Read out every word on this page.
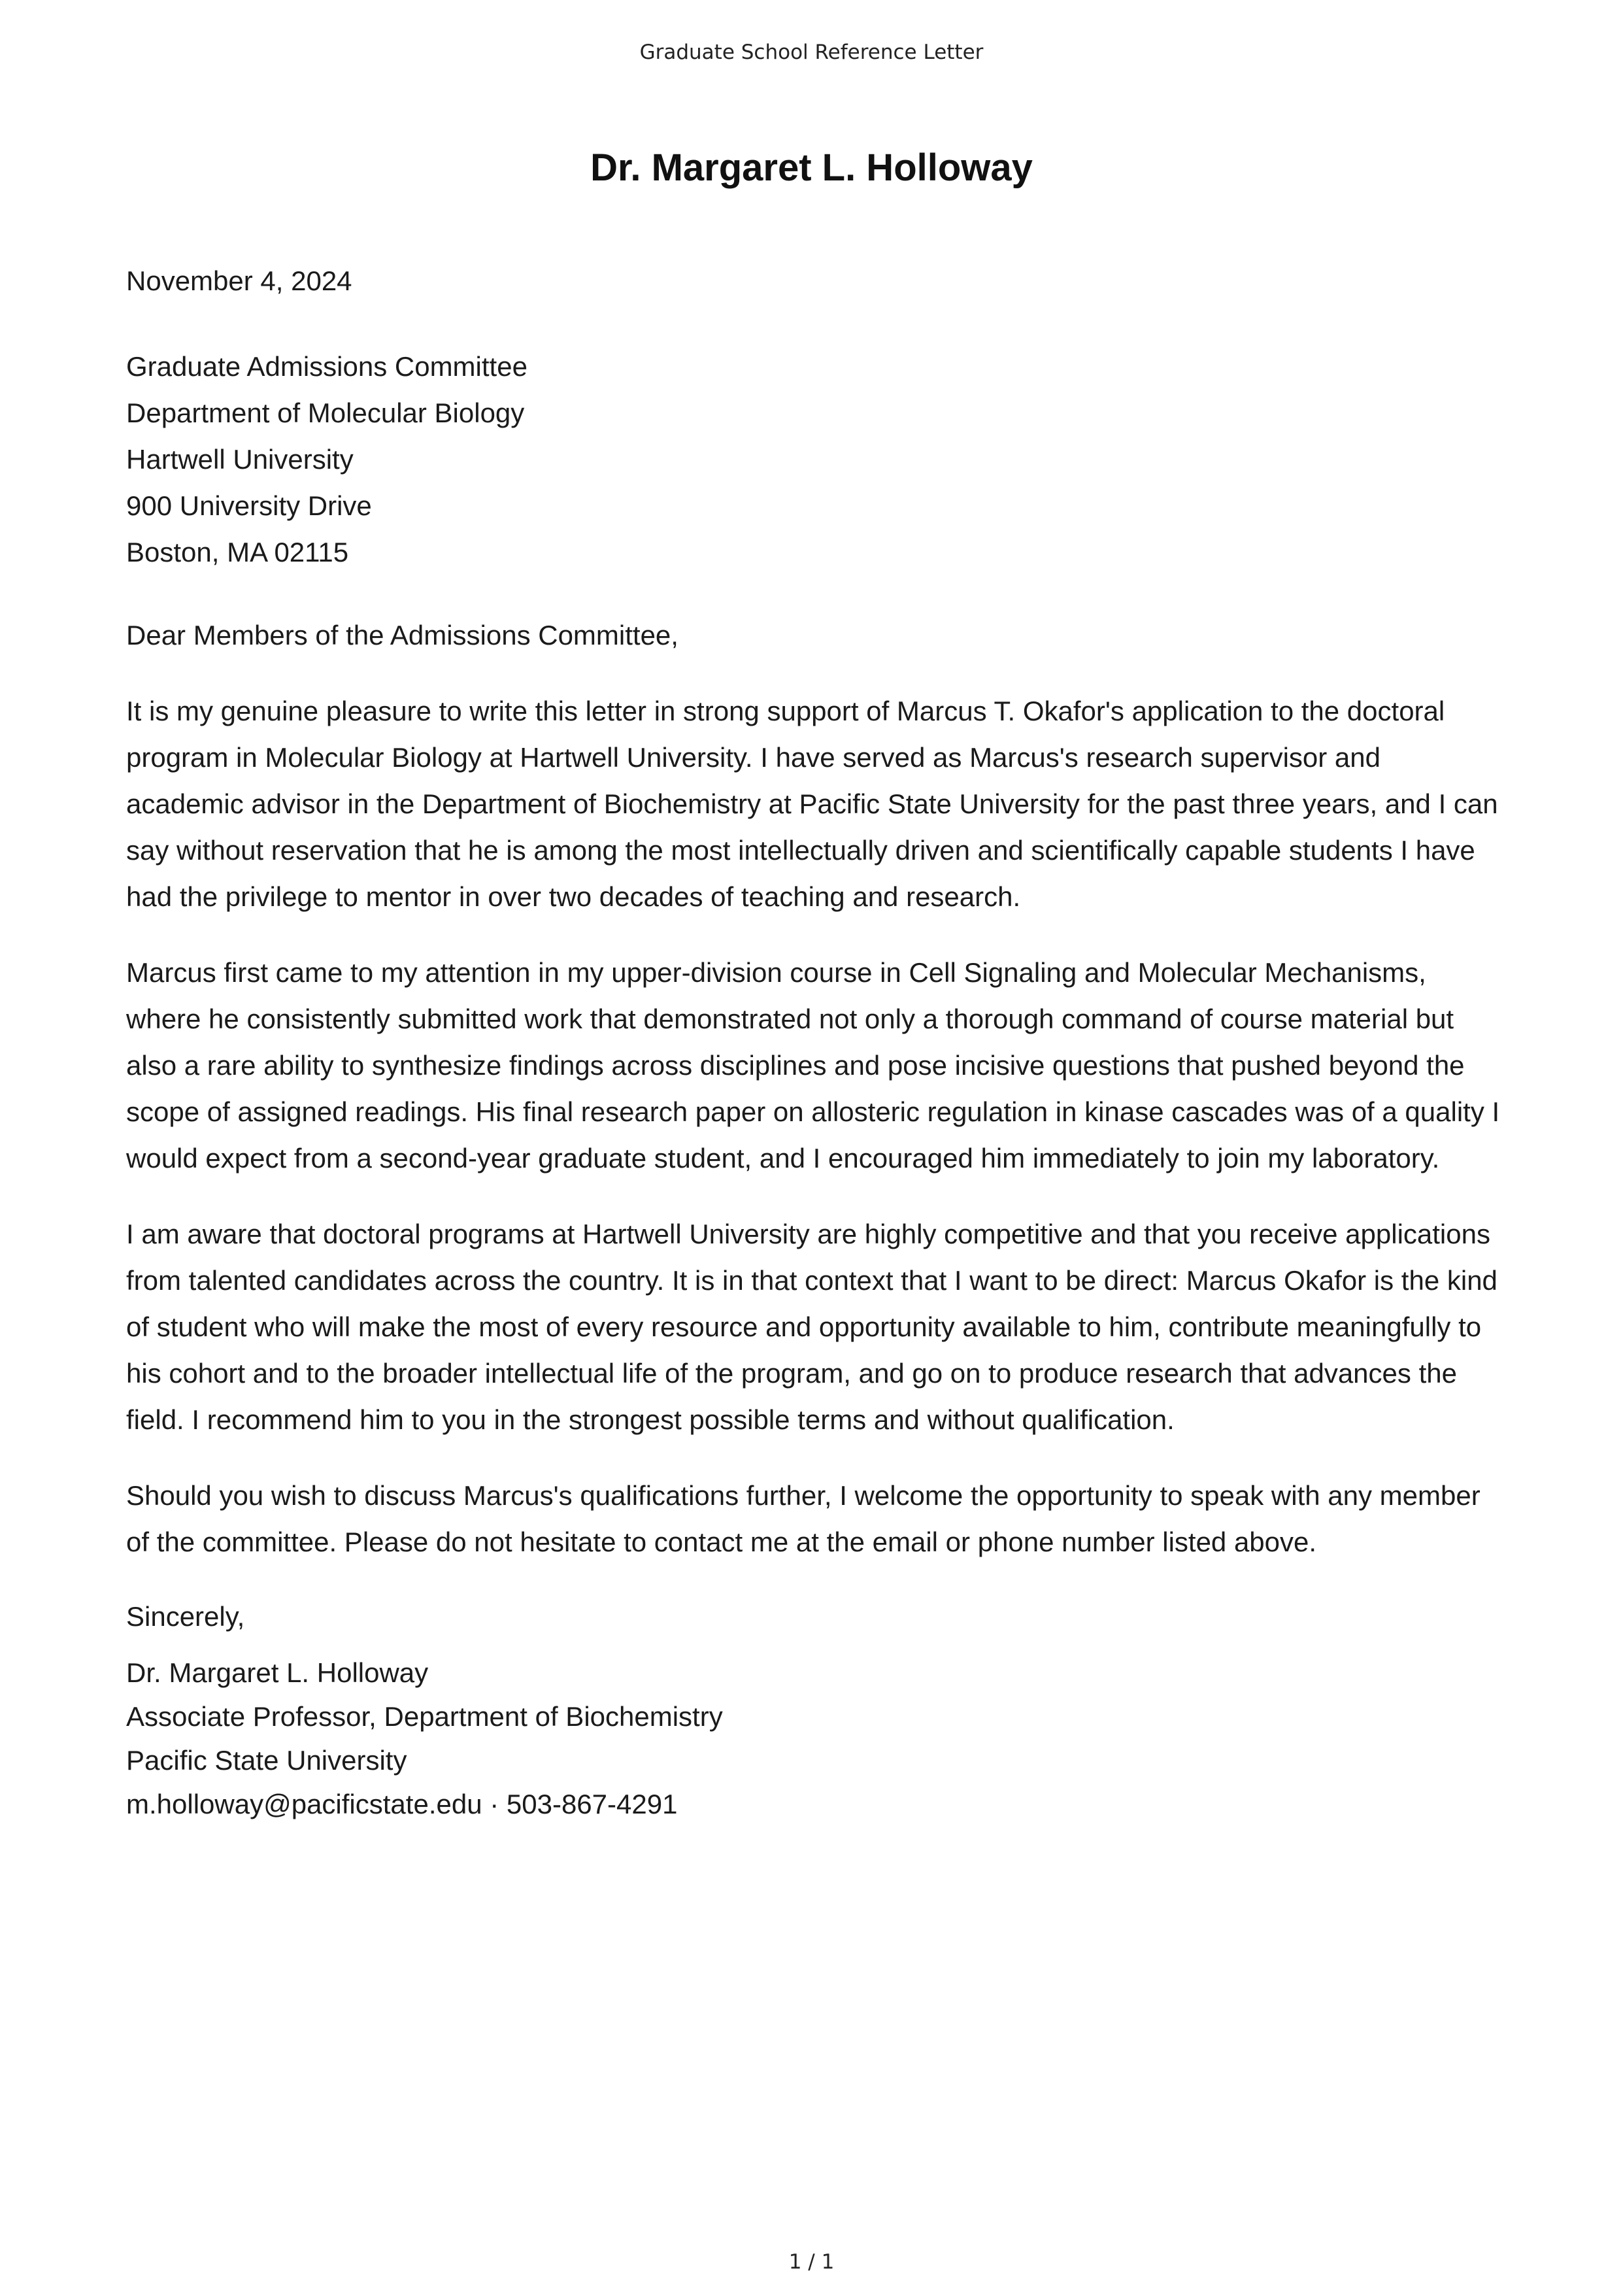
Graduate School Reference Letter
Dr. Margaret L. Holloway
November 4, 2024
Graduate Admissions Committee
Department of Molecular Biology
Hartwell University
900 University Drive
Boston, MA 02115
Dear Members of the Admissions Committee,

It is my genuine pleasure to write this letter in strong support of Marcus T. Okafor's application to the doctoral program in Molecular Biology at Hartwell University. I have served as Marcus's research supervisor and academic advisor in the Department of Biochemistry at Pacific State University for the past three years, and I can say without reservation that he is among the most intellectually driven and scientifically capable students I have had the privilege to mentor in over two decades of teaching and research.

Marcus first came to my attention in my upper-division course in Cell Signaling and Molecular Mechanisms, where he consistently submitted work that demonstrated not only a thorough command of course material but also a rare ability to synthesize findings across disciplines and pose incisive questions that pushed beyond the scope of assigned readings. His final research paper on allosteric regulation in kinase cascades was of a quality I would expect from a second-year graduate student, and I encouraged him immediately to join my laboratory.

I am aware that doctoral programs at Hartwell University are highly competitive and that you receive applications from talented candidates across the country. It is in that context that I want to be direct: Marcus Okafor is the kind of student who will make the most of every resource and opportunity available to him, contribute meaningfully to his cohort and to the broader intellectual life of the program, and go on to produce research that advances the field. I recommend him to you in the strongest possible terms and without qualification.

Should you wish to discuss Marcus's qualifications further, I welcome the opportunity to speak with any member of the committee. Please do not hesitate to contact me at the email or phone number listed above.

Sincerely,
Dr. Margaret L. Holloway
Associate Professor, Department of Biochemistry
Pacific State University
m.holloway@pacificstate.edu · 503-867-4291
1 / 1
